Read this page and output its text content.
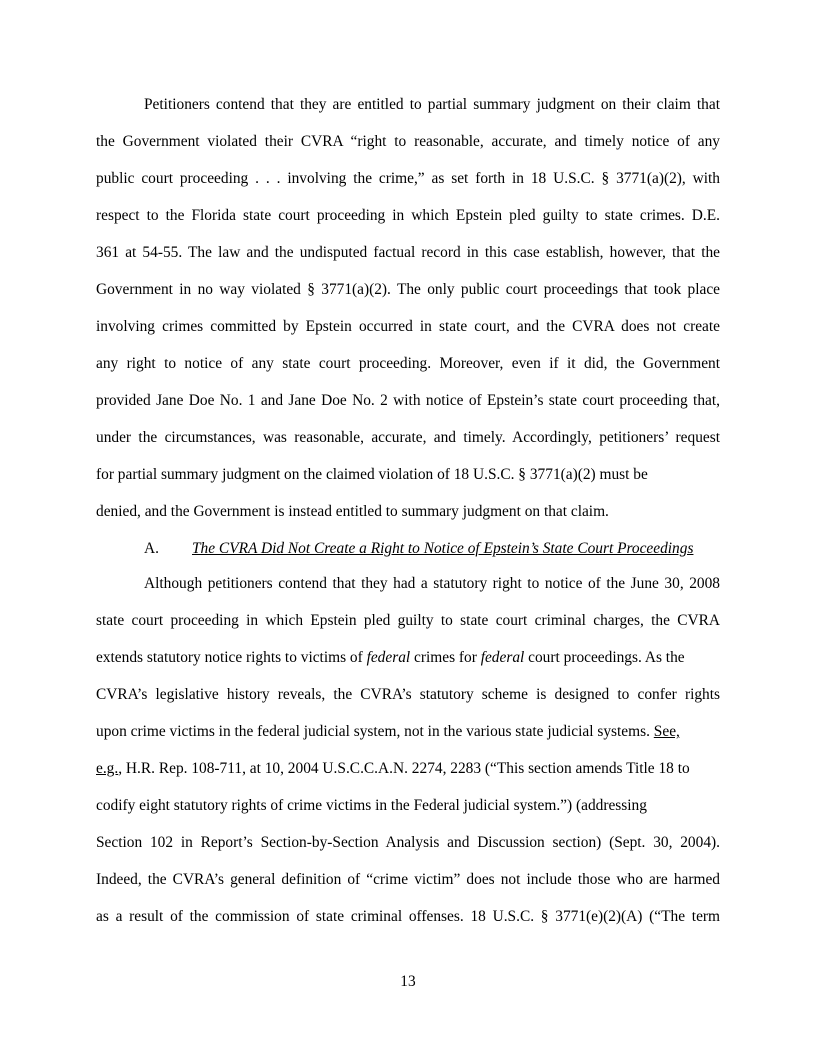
Petitioners contend that they are entitled to partial summary judgment on their claim that
the Government violated their CVRA “right to reasonable, accurate, and timely notice of any
public court proceeding . . . involving the crime,” as set forth in 18 U.S.C. § 3771(a)(2), with
respect to the Florida state court proceeding in which Epstein pled guilty to state crimes. D.E.
361 at 54-55. The law and the undisputed factual record in this case establish, however, that the
Government in no way violated § 3771(a)(2). The only public court proceedings that took place
involving crimes committed by Epstein occurred in state court, and the CVRA does not create
any right to notice of any state court proceeding. Moreover, even if it did, the Government
provided Jane Doe No. 1 and Jane Doe No. 2 with notice of Epstein’s state court proceeding that,
under the circumstances, was reasonable, accurate, and timely. Accordingly, petitioners’ request
for partial summary judgment on the claimed violation of 18 U.S.C. § 3771(a)(2) must be
denied, and the Government is instead entitled to summary judgment on that claim.
A. The CVRA Did Not Create a Right to Notice of Epstein’s State Court Proceedings
Although petitioners contend that they had a statutory right to notice of the June 30, 2008
state court proceeding in which Epstein pled guilty to state court criminal charges, the CVRA
extends statutory notice rights to victims of federal crimes for federal court proceedings. As the
CVRA’s legislative history reveals, the CVRA’s statutory scheme is designed to confer rights
upon crime victims in the federal judicial system, not in the various state judicial systems. See,
e.g., H.R. Rep. 108-711, at 10, 2004 U.S.C.C.A.N. 2274, 2283 (“This section amends Title 18 to
codify eight statutory rights of crime victims in the Federal judicial system.”) (addressing
Section 102 in Report’s Section-by-Section Analysis and Discussion section) (Sept. 30, 2004).
Indeed, the CVRA’s general definition of “crime victim” does not include those who are harmed
as a result of the commission of state criminal offenses. 18 U.S.C. § 3771(e)(2)(A) (“The term
13
